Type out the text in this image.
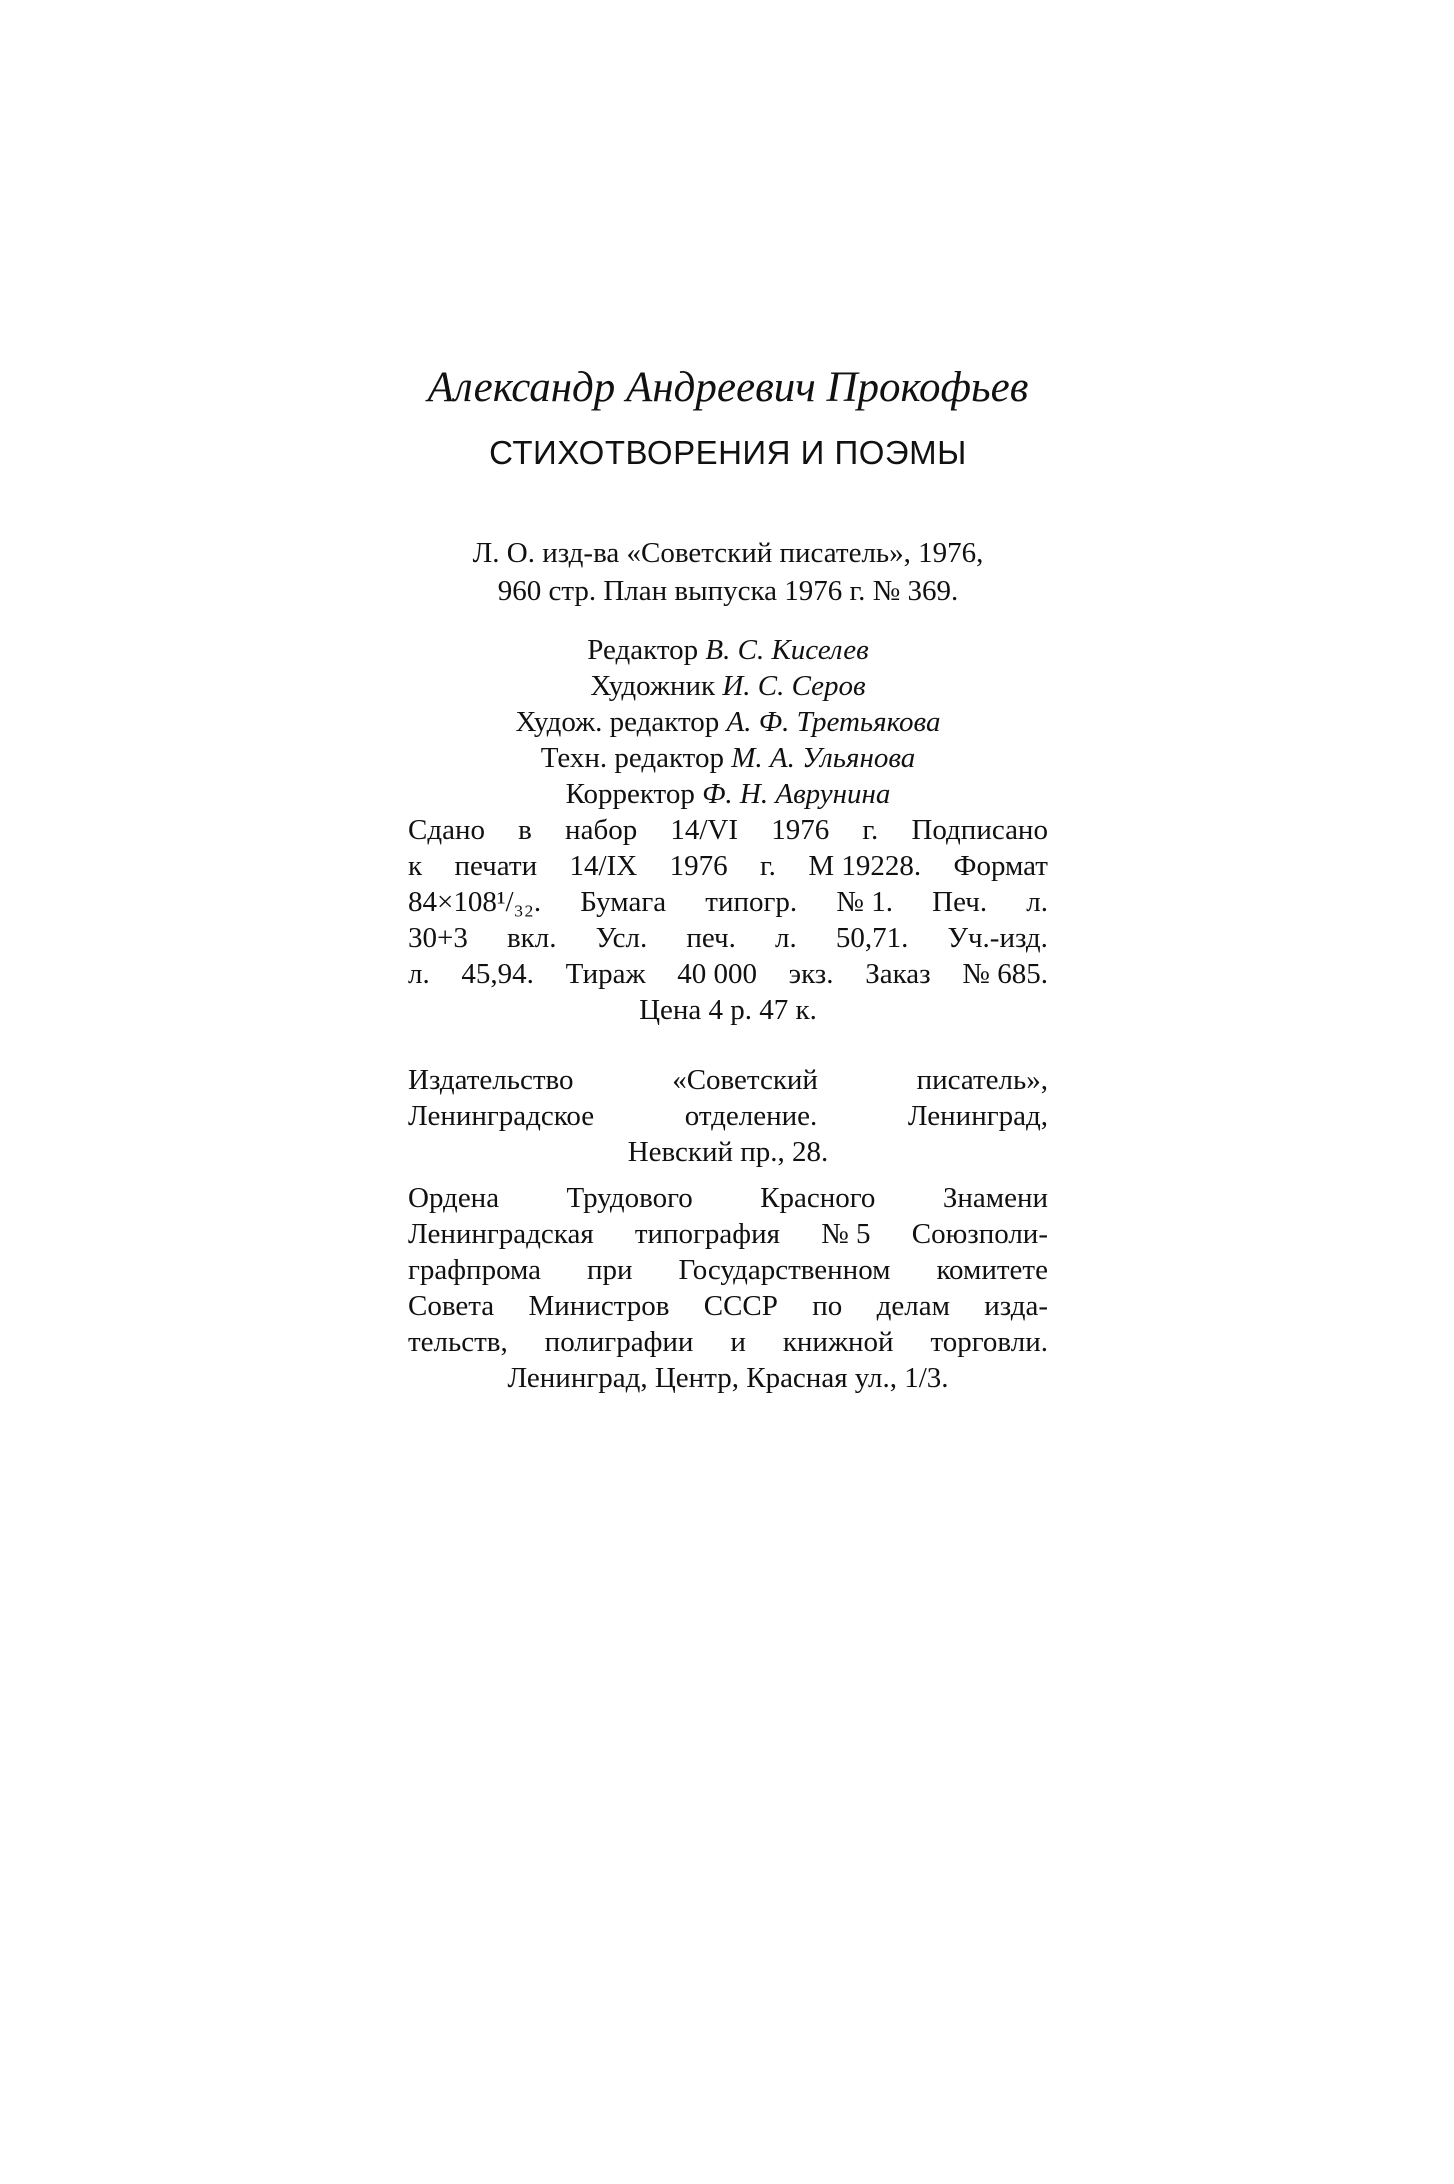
Александр Андреевич Прокофьев

СТИХОТВОРЕНИЯ И ПОЭМЫ

Л. О. изд-ва «Советский писатель», 1976,
960 стр. План выпуска 1976 г. № 369.
Редактор В. С. Киселев
Художник И. С. Серов
Худож. редактор А. Ф. Третьякова
Техн. редактор М. А. Ульянова
Корректор Ф. Н. Аврунина
Сдано в набор 14/VI 1976 г. Подписано
к печати 14/IX 1976 г. М 19228. Формат
84×108¹/₃₂. Бумага типогр. № 1. Печ. л.
30+3 вкл. Усл. печ. л. 50,71. Уч.-изд.
л. 45,94. Тираж 40 000 экз. Заказ № 685.
Цена 4 р. 47 к.
Издательство	«Советский	писатель»,
Ленинградское	отделение.	Ленинград,
Невский пр., 28.
Ордена Трудового Красного Знамени
Ленинградская типография № 5 Союзполи-
графпрома при Государственном комитете
Совета Министров СССР по делам изда-
тельств, полиграфии и книжной торговли.
Ленинград, Центр, Красная ул., 1/3.
